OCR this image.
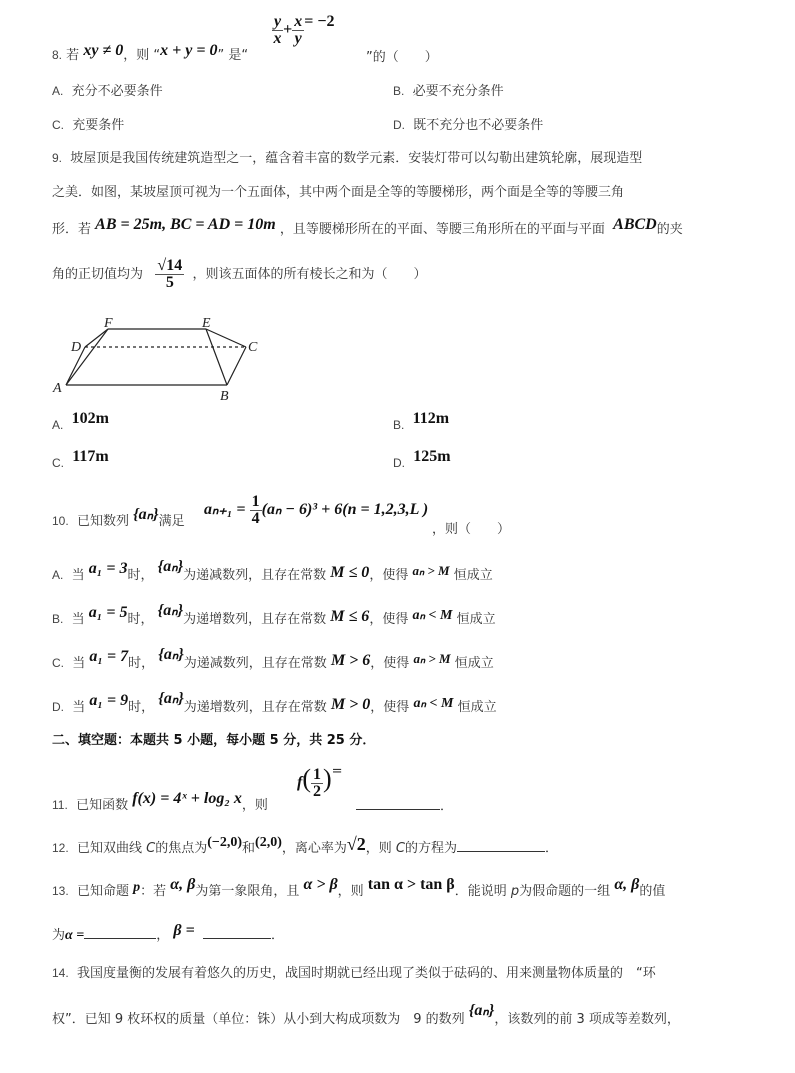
$\frac{y}{x} + \frac{x}{y} = -2$
8. 若 xy ≠ 0，则 “x + y = 0” 是“	”的（　　）
A. 充分不必要条件	B. 必要不充分条件
C. 充要条件	D. 既不充分也不必要条件
9. 坡屋顶是我国传统建筑造型之一，蕴含着丰富的数学元素．安装灯带可以勾勒出建筑轮廓，展现造型
之美．如图，某坡屋顶可视为一个五面体，其中两个面是全等的等腰梯形，两个面是全等的等腰三角
形．若 AB = 25m, BC = AD = 10m ，且等腰梯形所在的平面、等腰三角形所在的平面与平面 ABCD的夹
角的正切值均为 $\frac{√14}{5}$ ，则该五面体的所有棱长之和为（　　）
A
B
C
D
E
F
A. 102m	B. 112m
C. 117m	D. 125m
10. 已知数列 {aₙ}满足
$a_{n+1} = \frac{1}{4} (a_n - 6)^3 + 6(n = 1,2,3,L$ )
，则（　　）
A. 当 a₁ = 3时， {aₙ}为递减数列，且存在常数 M ≤ 0，使得 aₙ > M 恒成立
B. 当 a₁ = 5时， {aₙ}为递增数列，且存在常数 M ≤ 6，使得 aₙ < M 恒成立
C. 当 a₁ = 7时， {aₙ}为递减数列，且存在常数 M > 6，使得 aₙ > M 恒成立
D. 当 a₁ = 9时， {aₙ}为递增数列，且存在常数 M > 0，使得 aₙ < M 恒成立
二、填空题：本题共 5 小题，每小题 5 分，共 25 分．
11. 已知函数 f(x) = 4ˣ + log₂ x，则
$f( \frac{1}{2}$ )=
．
12. 已知双曲线 C的焦点为(−2,0)和(2,0)，离心率为√2，则 C的方程为	．
13. 已知命题 p：若 α, β为第一象限角，且 α > β，则 tan α > tan β．能说明 p为假命题的一组 α, β的值
为α =	， β =	．
14. 我国度量衡的发展有着悠久的历史，战国时期就已经出现了类似于砝码的、用来测量物体质量的　“环
权”．已知 9 枚环权的质量（单位：铢）从小到大构成项数为　9 的数列 {aₙ}，该数列的前 3 项成等差数列，
